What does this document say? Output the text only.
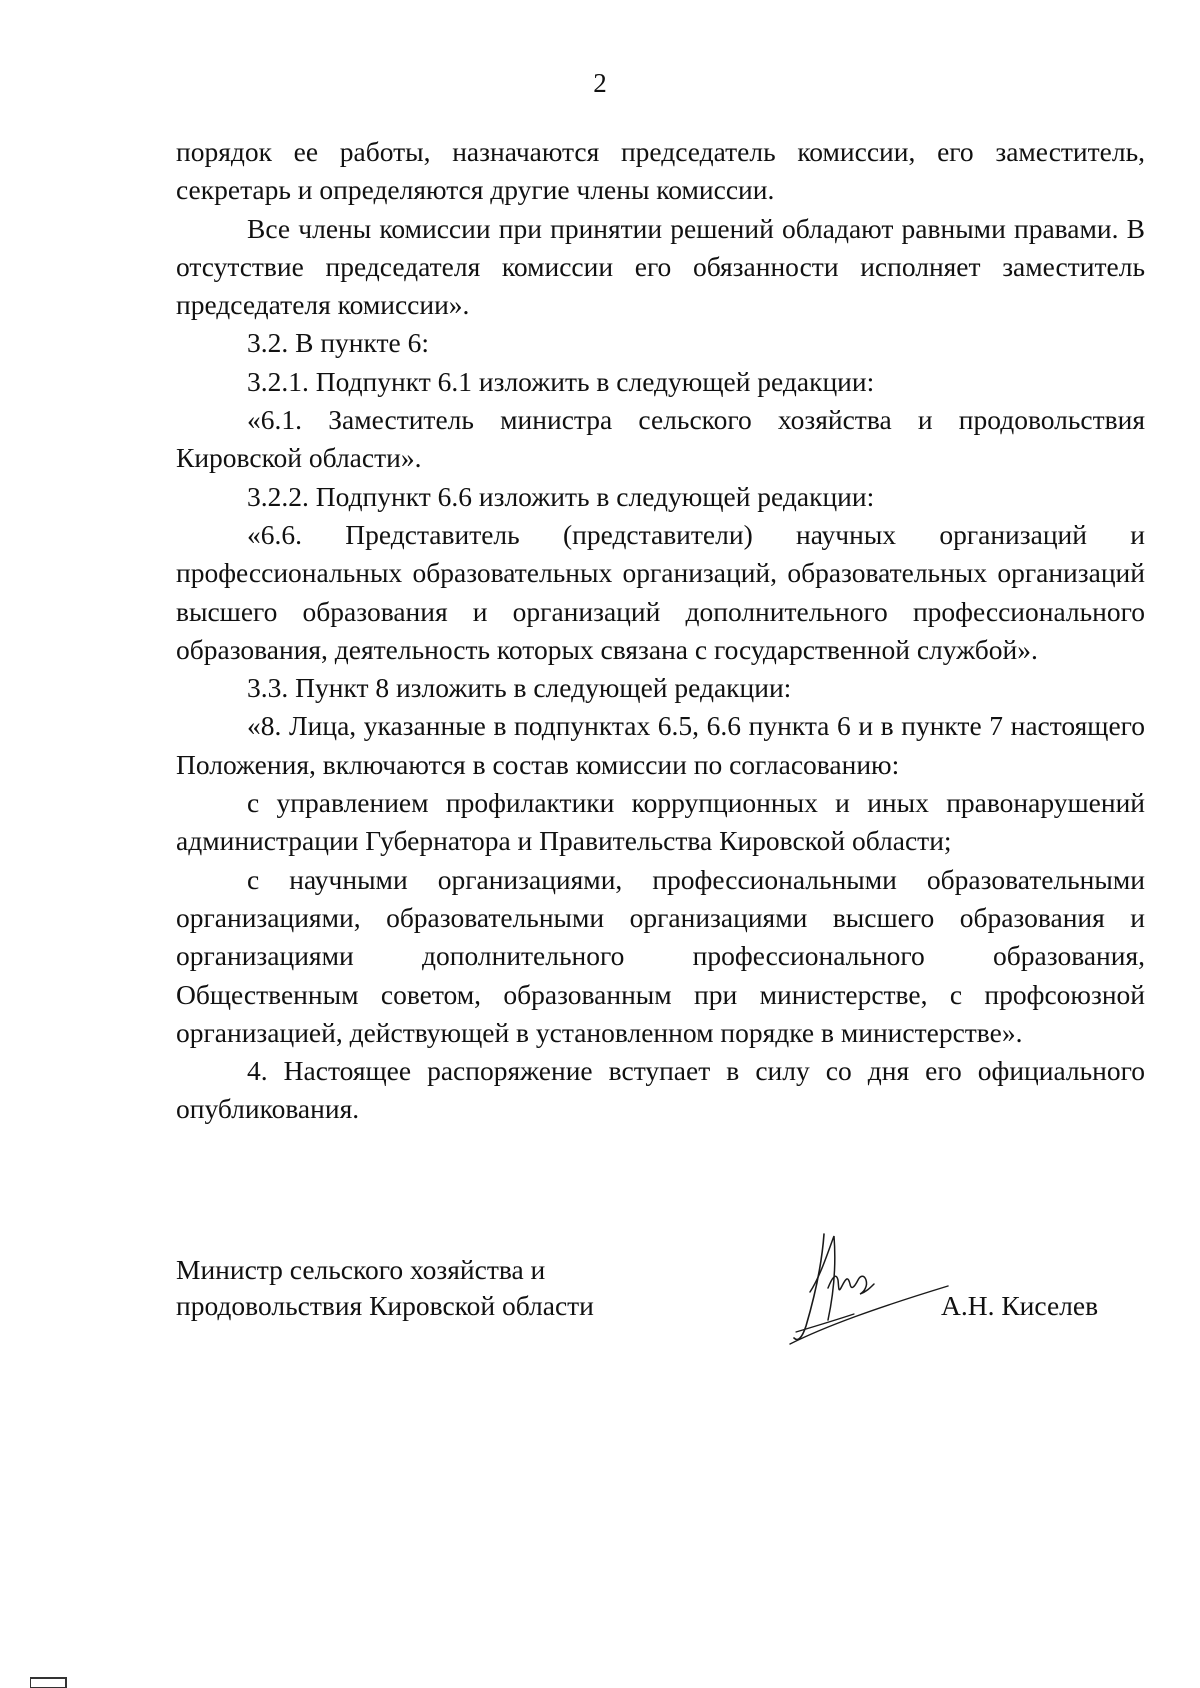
2

порядок ее работы, назначаются председатель комиссии, его заместитель, секретарь и определяются другие члены комиссии.

Все члены комиссии при принятии решений обладают равными правами. В отсутствие председателя комиссии его обязанности исполняет заместитель председателя комиссии».

3.2. В пункте 6:

3.2.1. Подпункт 6.1 изложить в следующей редакции:

«6.1. Заместитель министра сельского хозяйства и продовольствия Кировской области».

3.2.2. Подпункт 6.6 изложить в следующей редакции:

«6.6. Представитель (представители) научных организаций и профессиональных образовательных организаций, образовательных организаций высшего образования и организаций дополнительного профессионального образования, деятельность которых связана с государственной службой».

3.3. Пункт 8 изложить в следующей редакции:

«8. Лица, указанные в подпунктах 6.5, 6.6 пункта 6 и в пункте 7 настоящего Положения, включаются в состав комиссии по согласованию:

с управлением профилактики коррупционных и иных правонарушений администрации Губернатора и Правительства Кировской области;

с научными организациями, профессиональными образовательными организациями, образовательными организациями высшего образования и организациями дополнительного профессионального образования, Общественным советом, образованным при министерстве, с профсоюзной организацией, действующей в установленном порядке в министерстве».

4. Настоящее распоряжение вступает в силу со дня его официального опубликования.

Министр сельского хозяйства и
продовольствия Кировской области	А.Н. Киселев
